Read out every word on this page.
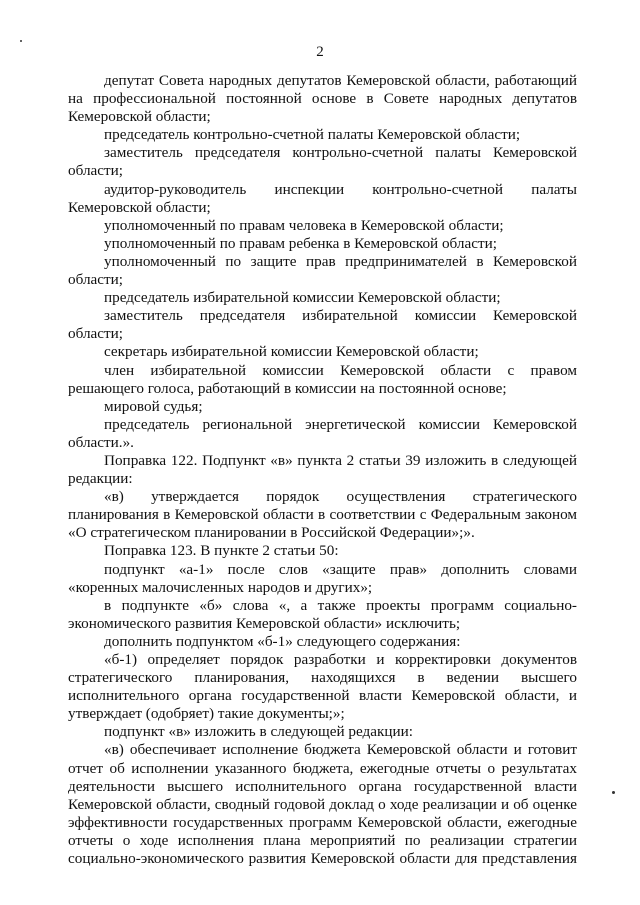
2

депутат Совета народных депутатов Кемеровской области, работающий на профессиональной постоянной основе в Совете народных депутатов Кемеровской области;

председатель контрольно-счетной палаты Кемеровской области;

заместитель председателя контрольно-счетной палаты Кемеровской области;

аудитор-руководитель инспекции контрольно-счетной палаты Кемеровской области;

уполномоченный по правам человека в Кемеровской области;

уполномоченный по правам ребенка в Кемеровской области;

уполномоченный по защите прав предпринимателей в Кемеровской области;

председатель избирательной комиссии Кемеровской области;

заместитель председателя избирательной комиссии Кемеровской области;

секретарь избирательной комиссии Кемеровской области;

член избирательной комиссии Кемеровской области с правом решающего голоса, работающий в комиссии на постоянной основе;

мировой судья;

председатель региональной энергетической комиссии Кемеровской области.».

Поправка 122. Подпункт «в» пункта 2 статьи 39 изложить в следующей редакции:

«в) утверждается порядок осуществления стратегического планирования в Кемеровской области в соответствии с Федеральным законом «О стратегическом планировании в Российской Федерации»;».

Поправка 123. В пункте 2 статьи 50:

подпункт «а-1» после слов «защите прав» дополнить словами «коренных малочисленных народов и других»;

в подпункте «б» слова «, а также проекты программ социально-экономического развития Кемеровской области» исключить;

дополнить подпунктом «б-1» следующего содержания:

«б-1) определяет порядок разработки и корректировки документов стратегического планирования, находящихся в ведении высшего исполнительного органа государственной власти Кемеровской области, и утверждает (одобряет) такие документы;»;

подпункт «в» изложить в следующей редакции:

«в) обеспечивает исполнение бюджета Кемеровской области и готовит отчет об исполнении указанного бюджета, ежегодные отчеты о результатах деятельности высшего исполнительного органа государственной власти Кемеровской области, сводный годовой доклад о ходе реализации и об оценке эффективности государственных программ Кемеровской области, ежегодные отчеты о ходе исполнения плана мероприятий по реализации стратегии социально-экономического развития Кемеровской области для представления
